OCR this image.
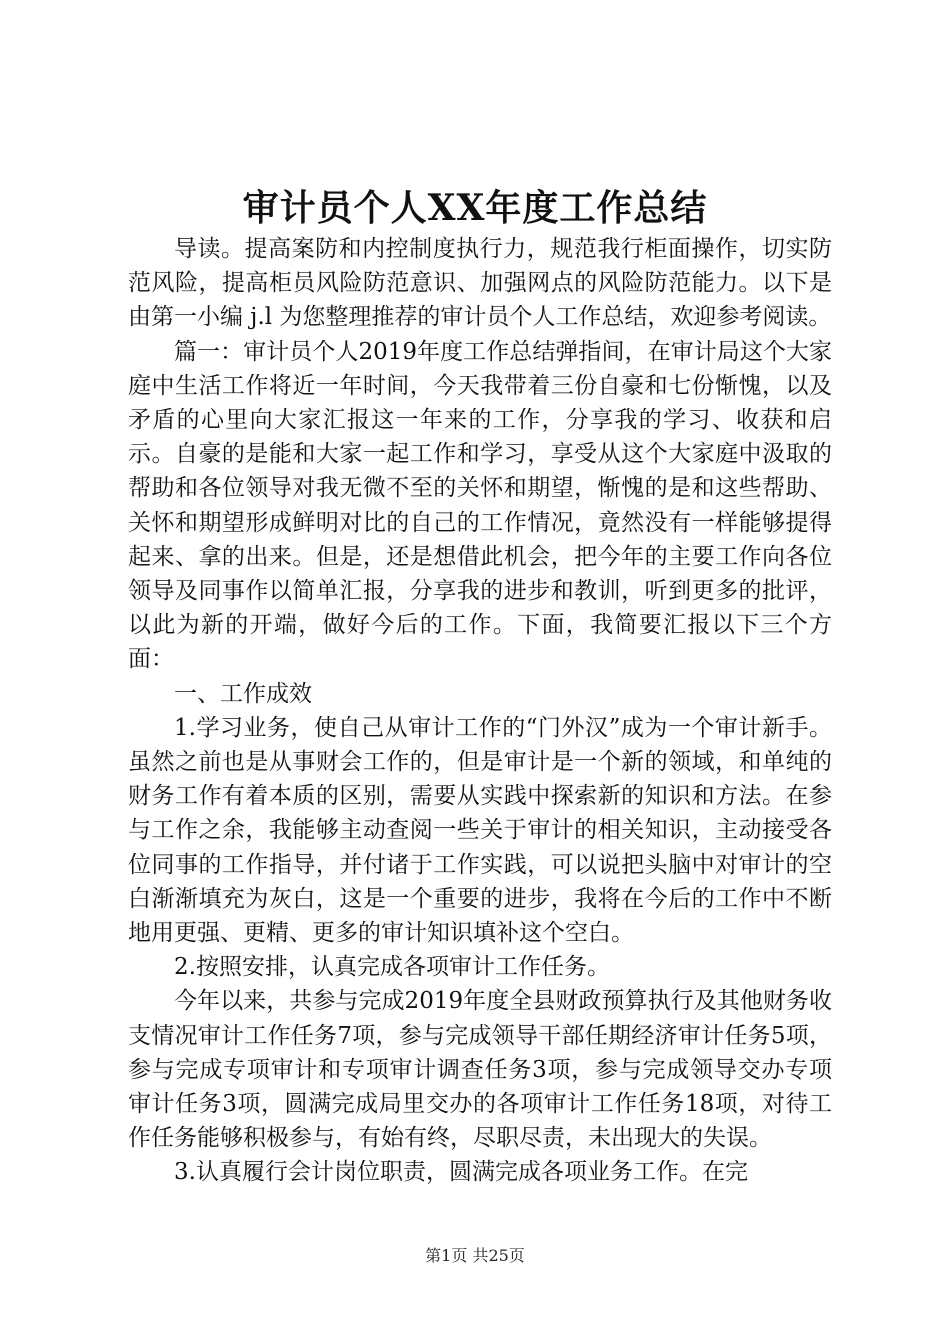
审计员个人XX年度工作总结

导读。提高案防和内控制度执行力，规范我行柜面操作，切实防范风险，提高柜员风险防范意识、加强网点的风险防范能力。以下是由第一小编 j.l 为您整理推荐的审计员个人工作总结，欢迎参考阅读。

篇一：审计员个人2019年度工作总结弹指间，在审计局这个大家庭中生活工作将近一年时间，今天我带着三份自豪和七份惭愧，以及矛盾的心里向大家汇报这一年来的工作，分享我的学习、收获和启示。自豪的是能和大家一起工作和学习，享受从这个大家庭中汲取的帮助和各位领导对我无微不至的关怀和期望，惭愧的是和这些帮助、关怀和期望形成鲜明对比的自己的工作情况，竟然没有一样能够提得起来、拿的出来。但是，还是想借此机会，把今年的主要工作向各位领导及同事作以简单汇报，分享我的进步和教训，听到更多的批评，以此为新的开端，做好今后的工作。下面，我简要汇报以下三个方面：

一、工作成效

1.学习业务，使自己从审计工作的“门外汉”成为一个审计新手。虽然之前也是从事财会工作的，但是审计是一个新的领域，和单纯的财务工作有着本质的区别，需要从实践中探索新的知识和方法。在参与工作之余，我能够主动查阅一些关于审计的相关知识，主动接受各位同事的工作指导，并付诸于工作实践，可以说把头脑中对审计的空白渐渐填充为灰白，这是一个重要的进步，我将在今后的工作中不断地用更强、更精、更多的审计知识填补这个空白。

2.按照安排，认真完成各项审计工作任务。

今年以来，共参与完成2019年度全县财政预算执行及其他财务收支情况审计工作任务7项，参与完成领导干部任期经济审计任务5项，参与完成专项审计和专项审计调查任务3项，参与完成领导交办专项审计任务3项，圆满完成局里交办的各项审计工作任务18项，对待工作任务能够积极参与，有始有终，尽职尽责，未出现大的失误。

3.认真履行会计岗位职责，圆满完成各项业务工作。在完

第1页 共25页
